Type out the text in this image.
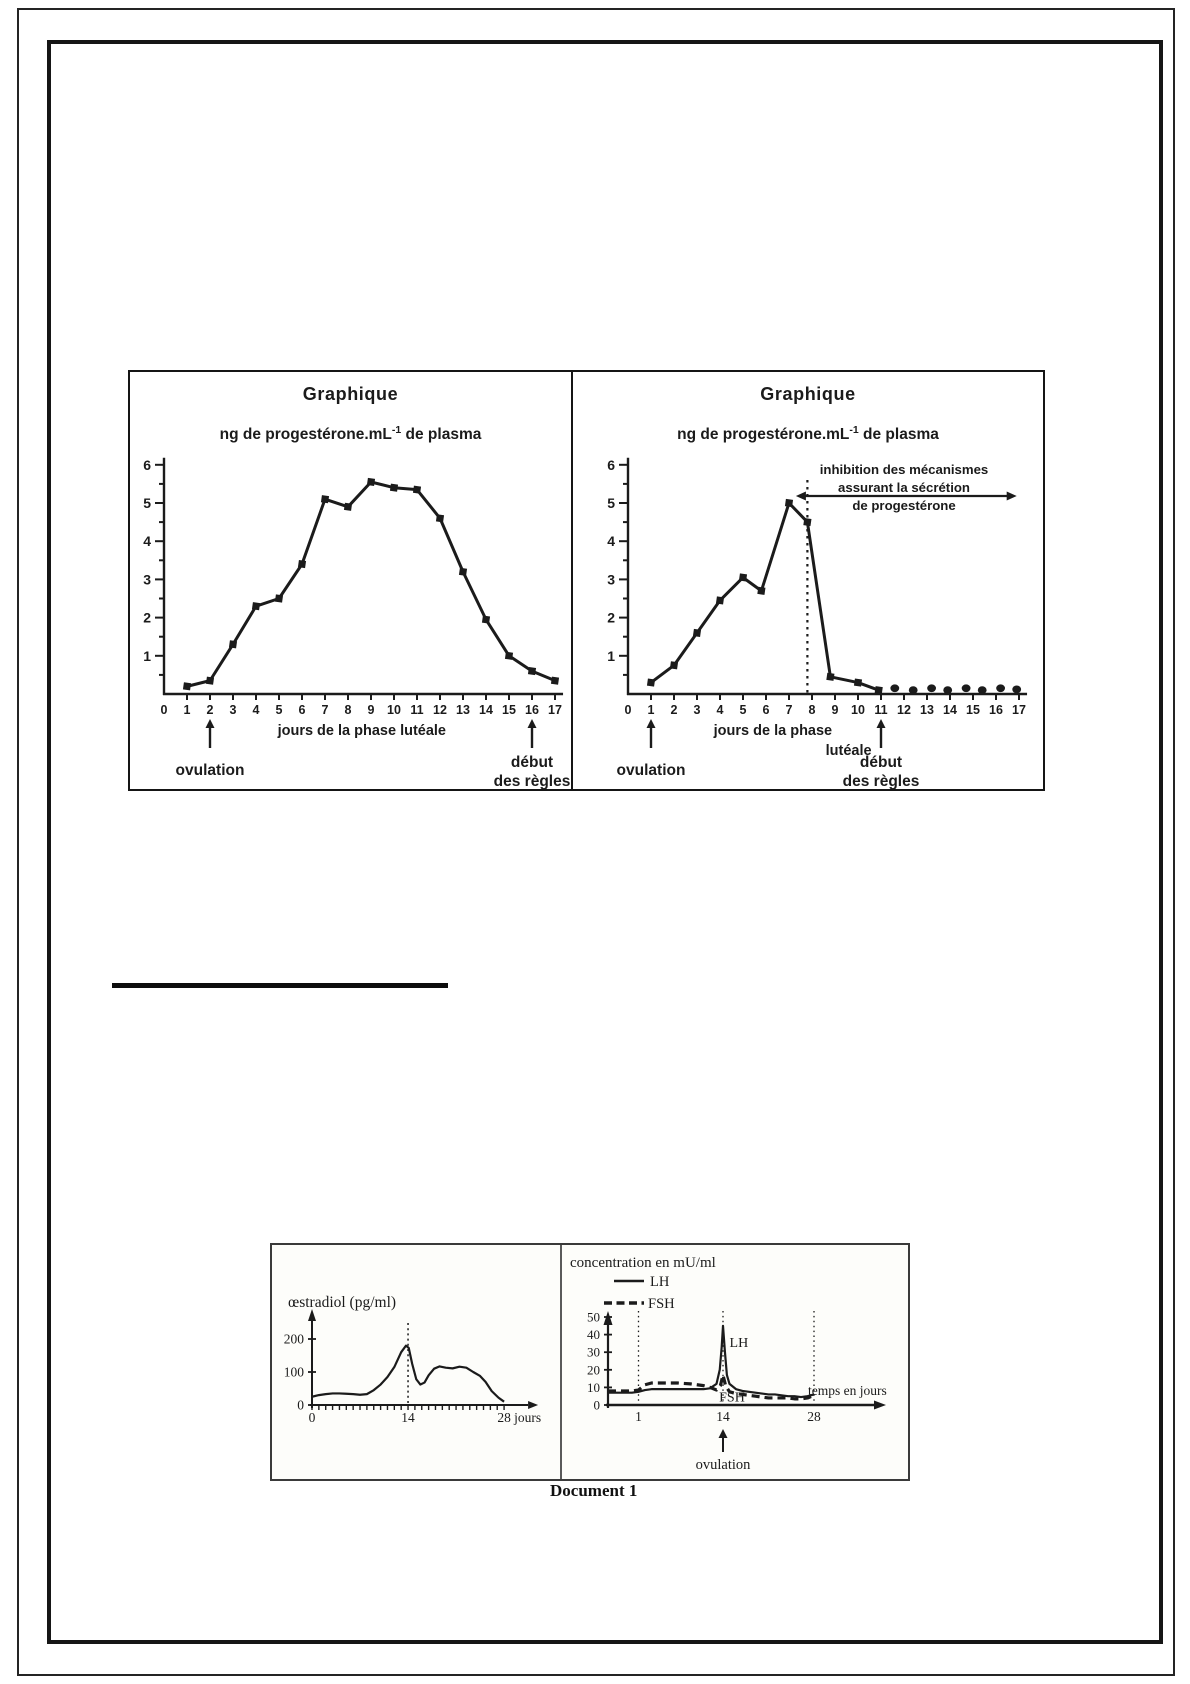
Graphique
ng de $progestérone.mL^{-1}$ de plasma
1
2
3
4
5
6
0 1 2 3 4 5 6 7 8 9 10 11 12 13 14 15 16 17
ovulation	début
des règles
jours de la phase lutéale
Graphique
ng de $progestérone.mL^{-1}$ de plasma
1
2
3
4
5
6
0 1 2 3 4 5 6 7 8 9 10 11 12 13 14 15 16 17
inhibition des mécanismes
assurant la sécrétion
de progestérone
ovulation	début
des règles
jours de la phase
lutéale
0
100
200
0	14	28 jours
œstradiol (pg/ml)
0
10
20
30
40
50
1	14	28
LH
FSH
LH
FSH
concentration en mU/ml
temps en jours
ovulation
Document 1
